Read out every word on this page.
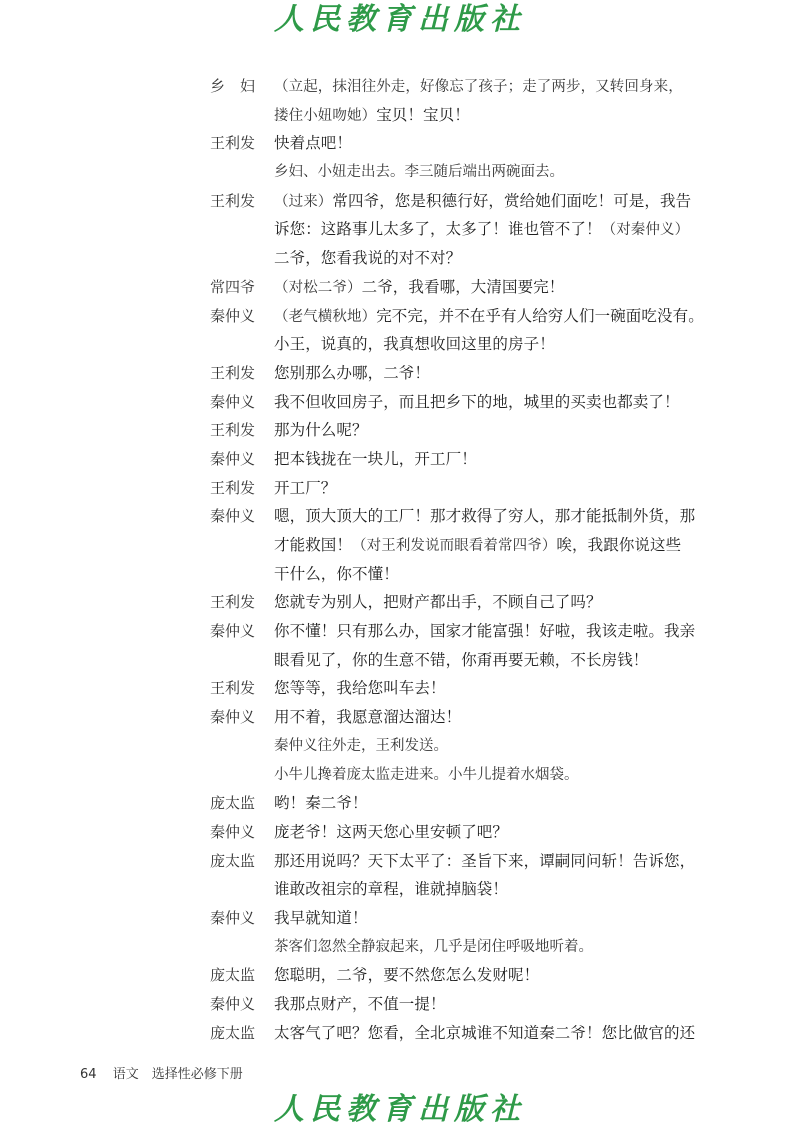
人民教育出版社
乡　妇	（立起，抹泪往外走，好像忘了孩子；走了两步，又转回身来，
搂住小妞吻她）宝贝！宝贝！
王利发	快着点吧！
乡妇、小妞走出去。李三随后端出两碗面去。
王利发	（过来）常四爷，您是积德行好，赏给她们面吃！可是，我告
诉您：这路事儿太多了，太多了！谁也管不了！（对秦仲义）
二爷，您看我说的对不对？
常四爷	（对松二爷）二爷，我看哪，大清国要完！
秦仲义	（老气横秋地）完不完，并不在乎有人给穷人们一碗面吃没有。
小王，说真的，我真想收回这里的房子！
王利发	您别那么办哪，二爷！
秦仲义	我不但收回房子，而且把乡下的地，城里的买卖也都卖了！
王利发	那为什么呢？
秦仲义	把本钱拢在一块儿，开工厂！
王利发	开工厂？
秦仲义	嗯，顶大顶大的工厂！那才救得了穷人，那才能抵制外货，那
才能救国！（对王利发说而眼看着常四爷）唉，我跟你说这些
干什么，你不懂！
王利发	您就专为别人，把财产都出手，不顾自己了吗？
秦仲义	你不懂！只有那么办，国家才能富强！好啦，我该走啦。我亲
眼看见了，你的生意不错，你甭再要无赖，不长房钱！
王利发	您等等，我给您叫车去！
秦仲义	用不着，我愿意溜达溜达！
秦仲义往外走，王利发送。
小牛儿搀着庞太监走进来。小牛儿提着水烟袋。
庞太监	哟！秦二爷！
秦仲义	庞老爷！这两天您心里安顿了吧？
庞太监	那还用说吗？天下太平了：圣旨下来，谭嗣同问斩！告诉您，
谁敢改祖宗的章程，谁就掉脑袋！
秦仲义	我早就知道！
茶客们忽然全静寂起来，几乎是闭住呼吸地听着。
庞太监	您聪明，二爷，要不然您怎么发财呢！
秦仲义	我那点财产，不值一提！
庞太监	太客气了吧？您看，全北京城谁不知道秦二爷！您比做官的还
64 语文　选择性必修下册
人民教育出版社
